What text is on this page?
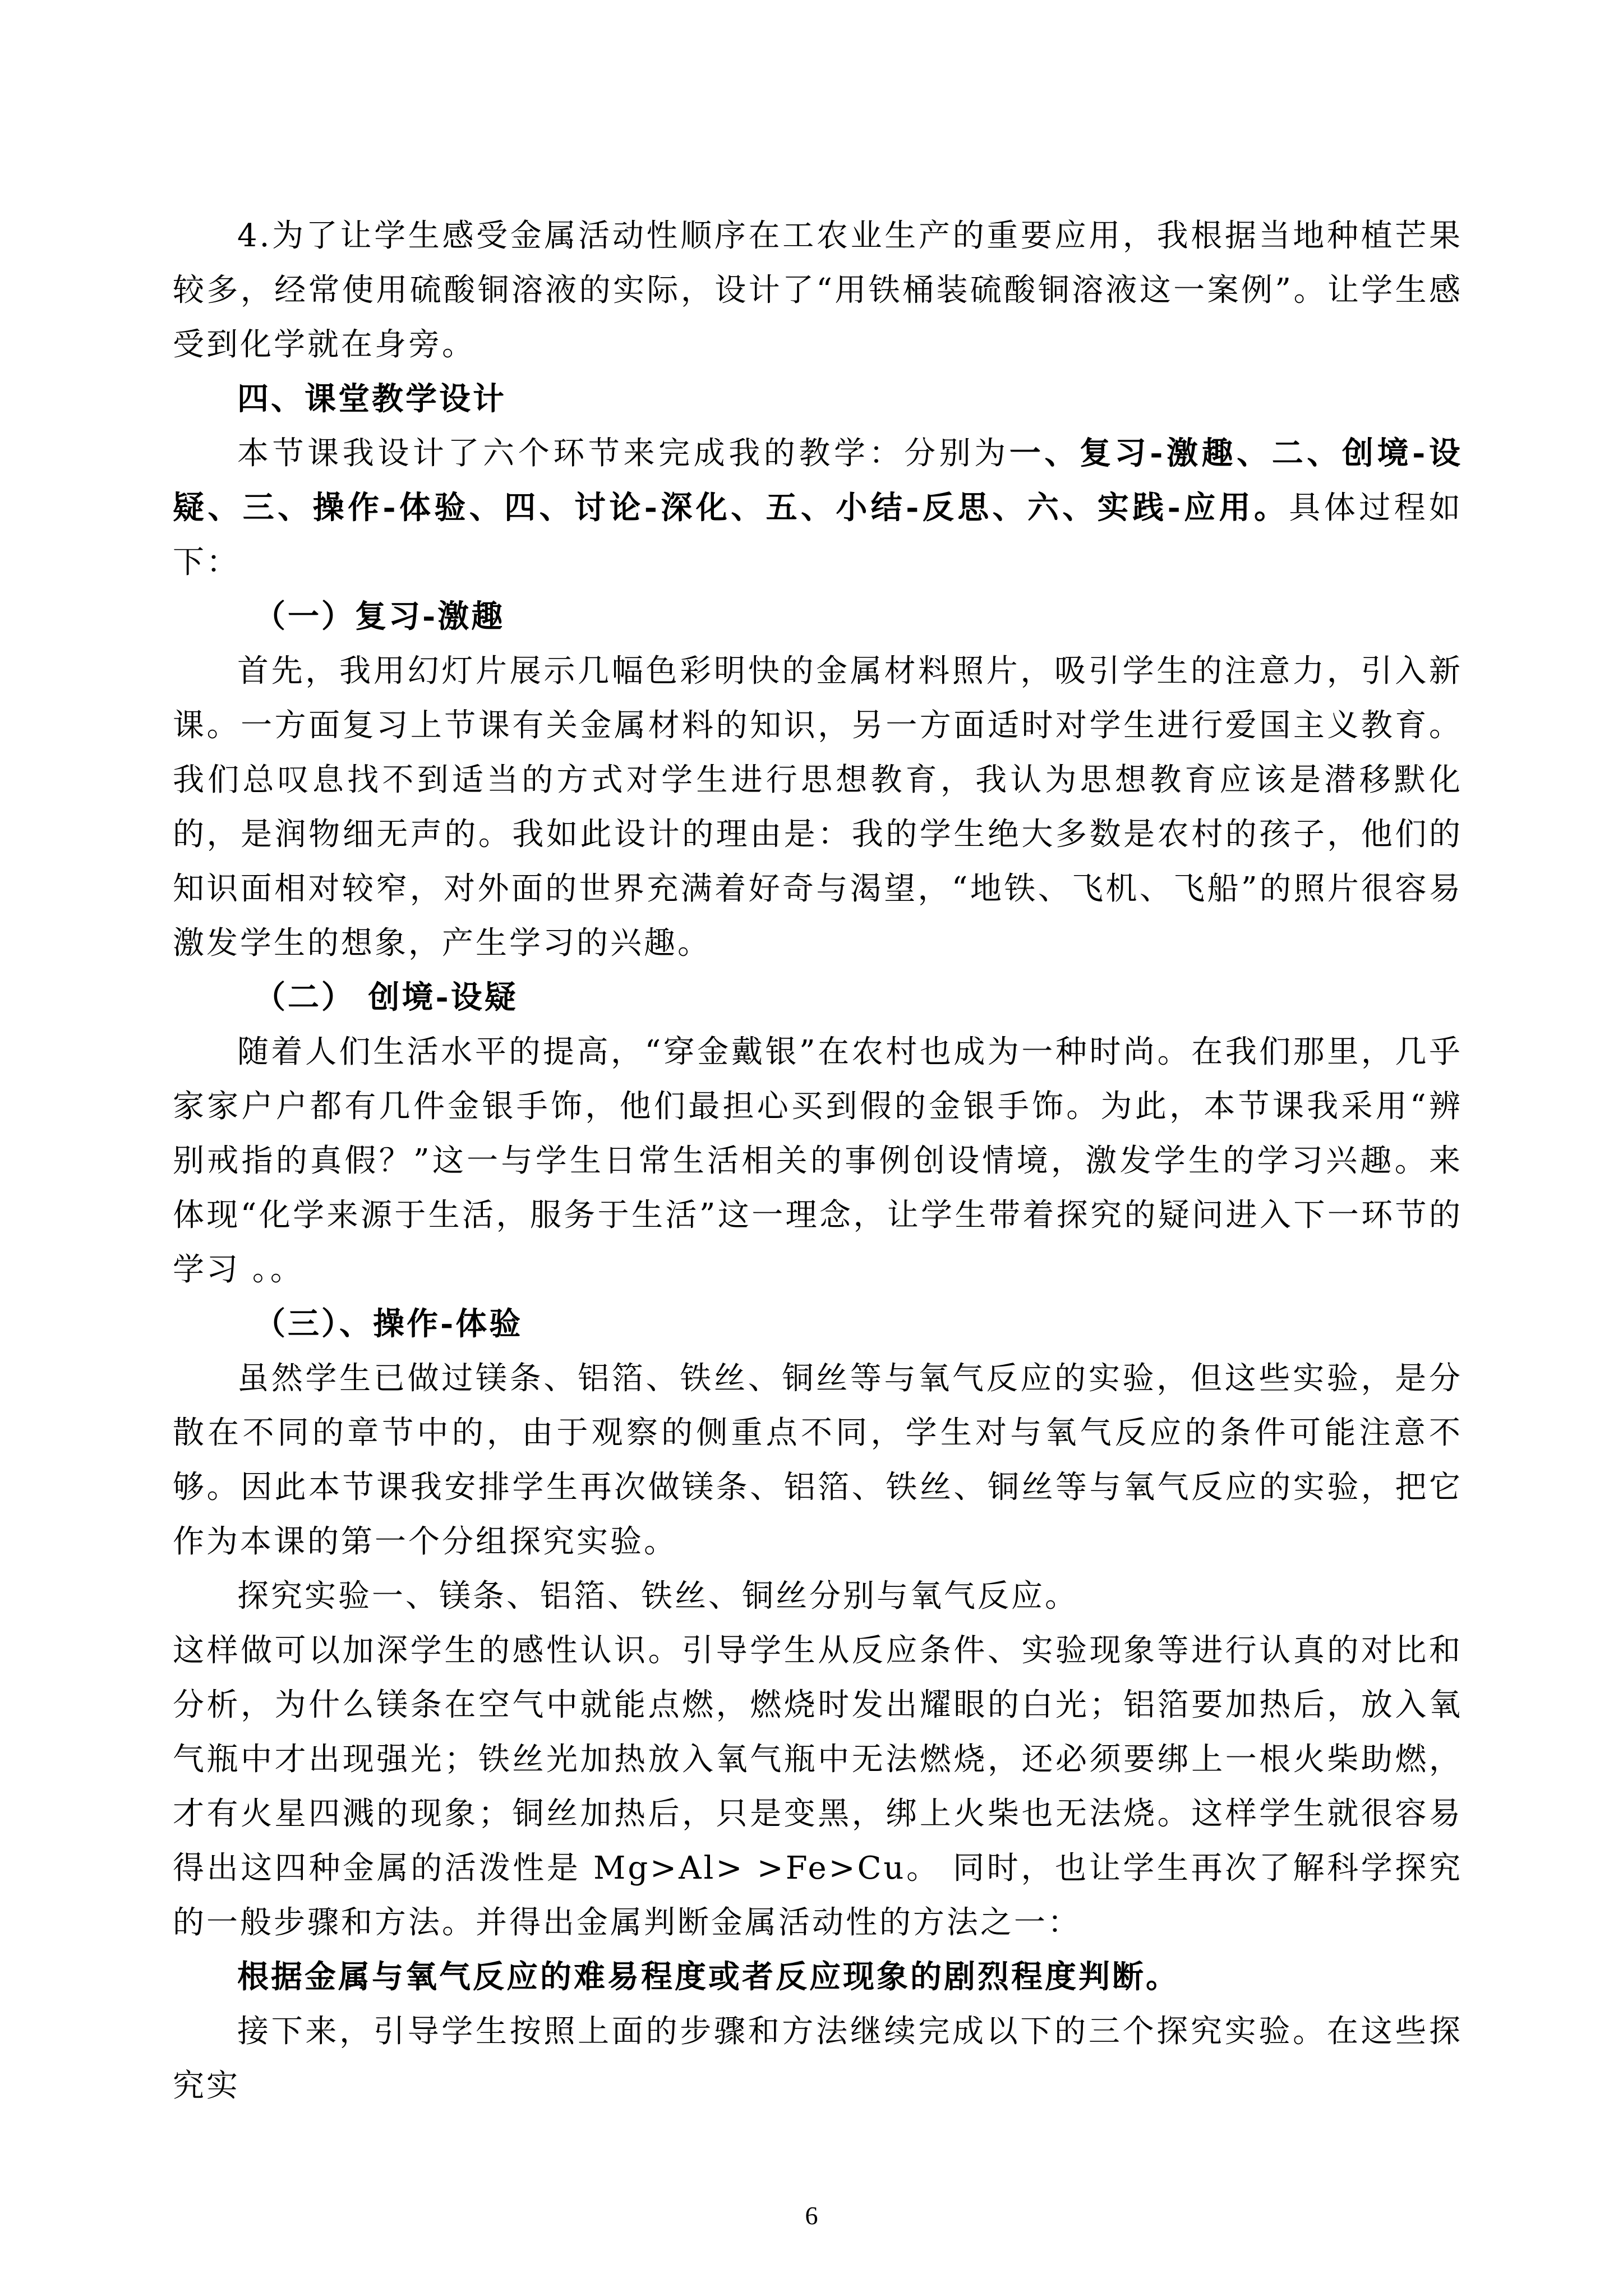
4.为了让学生感受金属活动性顺序在工农业生产的重要应用，我根据当地种植芒果较多，经常使用硫酸铜溶液的实际，设计了“用铁桶装硫酸铜溶液这一案例”。让学生感受到化学就在身旁。

四、课堂教学设计

本节课我设计了六个环节来完成我的教学：分别为一、复习-激趣、二、创境-设疑、三、操作-体验、四、讨论-深化、五、小结-反思、六、实践-应用。具体过程如下：

（一）复习-激趣

首先，我用幻灯片展示几幅色彩明快的金属材料照片，吸引学生的注意力，引入新课。一方面复习上节课有关金属材料的知识，另一方面适时对学生进行爱国主义教育。我们总叹息找不到适当的方式对学生进行思想教育，我认为思想教育应该是潜移默化的，是润物细无声的。我如此设计的理由是：我的学生绝大多数是农村的孩子，他们的知识面相对较窄，对外面的世界充满着好奇与渴望，“地铁、飞机、飞船”的照片很容易激发学生的想象，产生学习的兴趣。

（二） 创境-设疑

随着人们生活水平的提高，“穿金戴银”在农村也成为一种时尚。在我们那里，几乎家家户户都有几件金银手饰，他们最担心买到假的金银手饰。为此，本节课我采用“辨别戒指的真假？”这一与学生日常生活相关的事例创设情境，激发学生的学习兴趣。来体现“化学来源于生活，服务于生活”这一理念，让学生带着探究的疑问进入下一环节的学习 。。

（三）、操作-体验

虽然学生已做过镁条、铝箔、铁丝、铜丝等与氧气反应的实验，但这些实验，是分散在不同的章节中的，由于观察的侧重点不同，学生对与氧气反应的条件可能注意不够。因此本节课我安排学生再次做镁条、铝箔、铁丝、铜丝等与氧气反应的实验，把它作为本课的第一个分组探究实验。

探究实验一、镁条、铝箔、铁丝、铜丝分别与氧气反应。

这样做可以加深学生的感性认识。引导学生从反应条件、实验现象等进行认真的对比和分析，为什么镁条在空气中就能点燃，燃烧时发出耀眼的白光；铝箔要加热后，放入氧气瓶中才出现强光；铁丝光加热放入氧气瓶中无法燃烧，还必须要绑上一根火柴助燃，才有火星四溅的现象；铜丝加热后，只是变黑，绑上火柴也无法烧。这样学生就很容易得出这四种金属的活泼性是 Mg>Al> >Fe>Cu。 同时，也让学生再次了解科学探究的一般步骤和方法。并得出金属判断金属活动性的方法之一：

根据金属与氧气反应的难易程度或者反应现象的剧烈程度判断。

接下来，引导学生按照上面的步骤和方法继续完成以下的三个探究实验。在这些探究实

6
